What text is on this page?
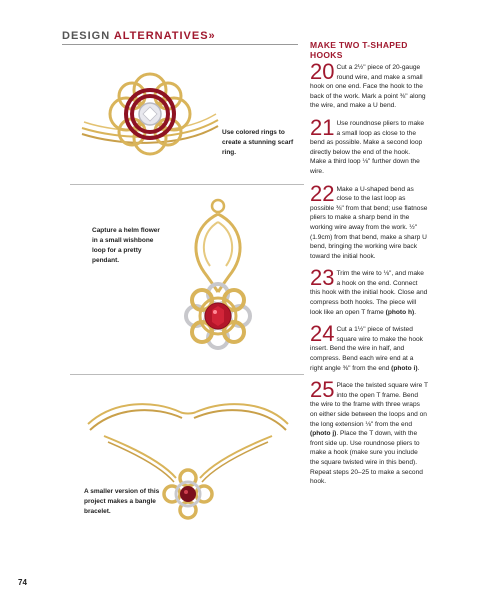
DESIGN ALTERNATIVES»
Use colored rings to create a stunning scarf ring.
Capture a helm flower in a small wishbone loop for a pretty pendant.
A smaller version of this project makes a bangle bracelet.
MAKE TWO T-SHAPED HOOKS
20 Cut a 2½" piece of 20-gauge round wire, and make a small hook on one end. Face the hook to the back of the work. Mark a point ⅜" along the wire, and make a U bend.
21 Use roundnose pliers to make a small loop as close to the bend as possible. Make a second loop directly below the end of the hook. Make a third loop ⅛" further down the wire.
22 Make a U-shaped bend as close to the last loop as possible ⅜" from that bend; use flatnose pliers to make a sharp bend in the working wire away from the work. ½" (1.9cm) from that bend, make a sharp U bend, bringing the working wire back toward the initial hook.
23 Trim the wire to ⅛", and make a hook on the end. Connect this hook with the initial hook. Close and compress both hooks. The piece will look like an open T frame (photo h).
24 Cut a 1½" piece of twisted square wire to make the hook insert. Bend the wire in half, and compress. Bend each wire end at a right angle ⅜" from the end (photo i).
25 Place the twisted square wire T into the open T frame. Bend the wire to the frame with three wraps on either side between the loops and on the long extension ⅛" from the end (photo j). Place the T down, with the front side up. Use roundnose pliers to make a hook (make sure you include the square twisted wire in this bend). Repeat steps 20–25 to make a second hook.
74
